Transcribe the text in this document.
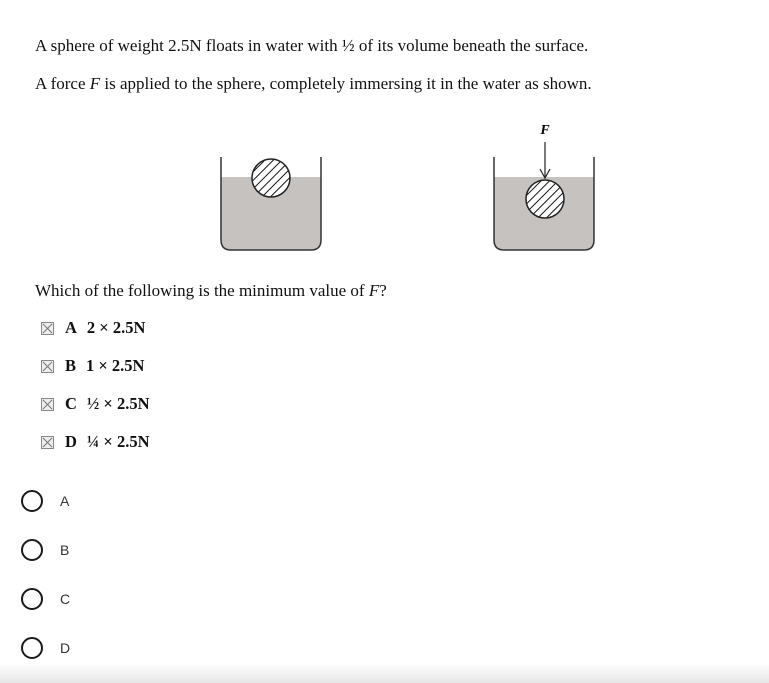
A sphere of weight 2.5N floats in water with ½ of its volume beneath the surface.
A force F is applied to the sphere, completely immersing it in the water as shown.
F
Which of the following is the minimum value of F?
A 2 × 2.5N
B 1 × 2.5N
C ½ × 2.5N
D ¼ × 2.5N
A
B
C
D
